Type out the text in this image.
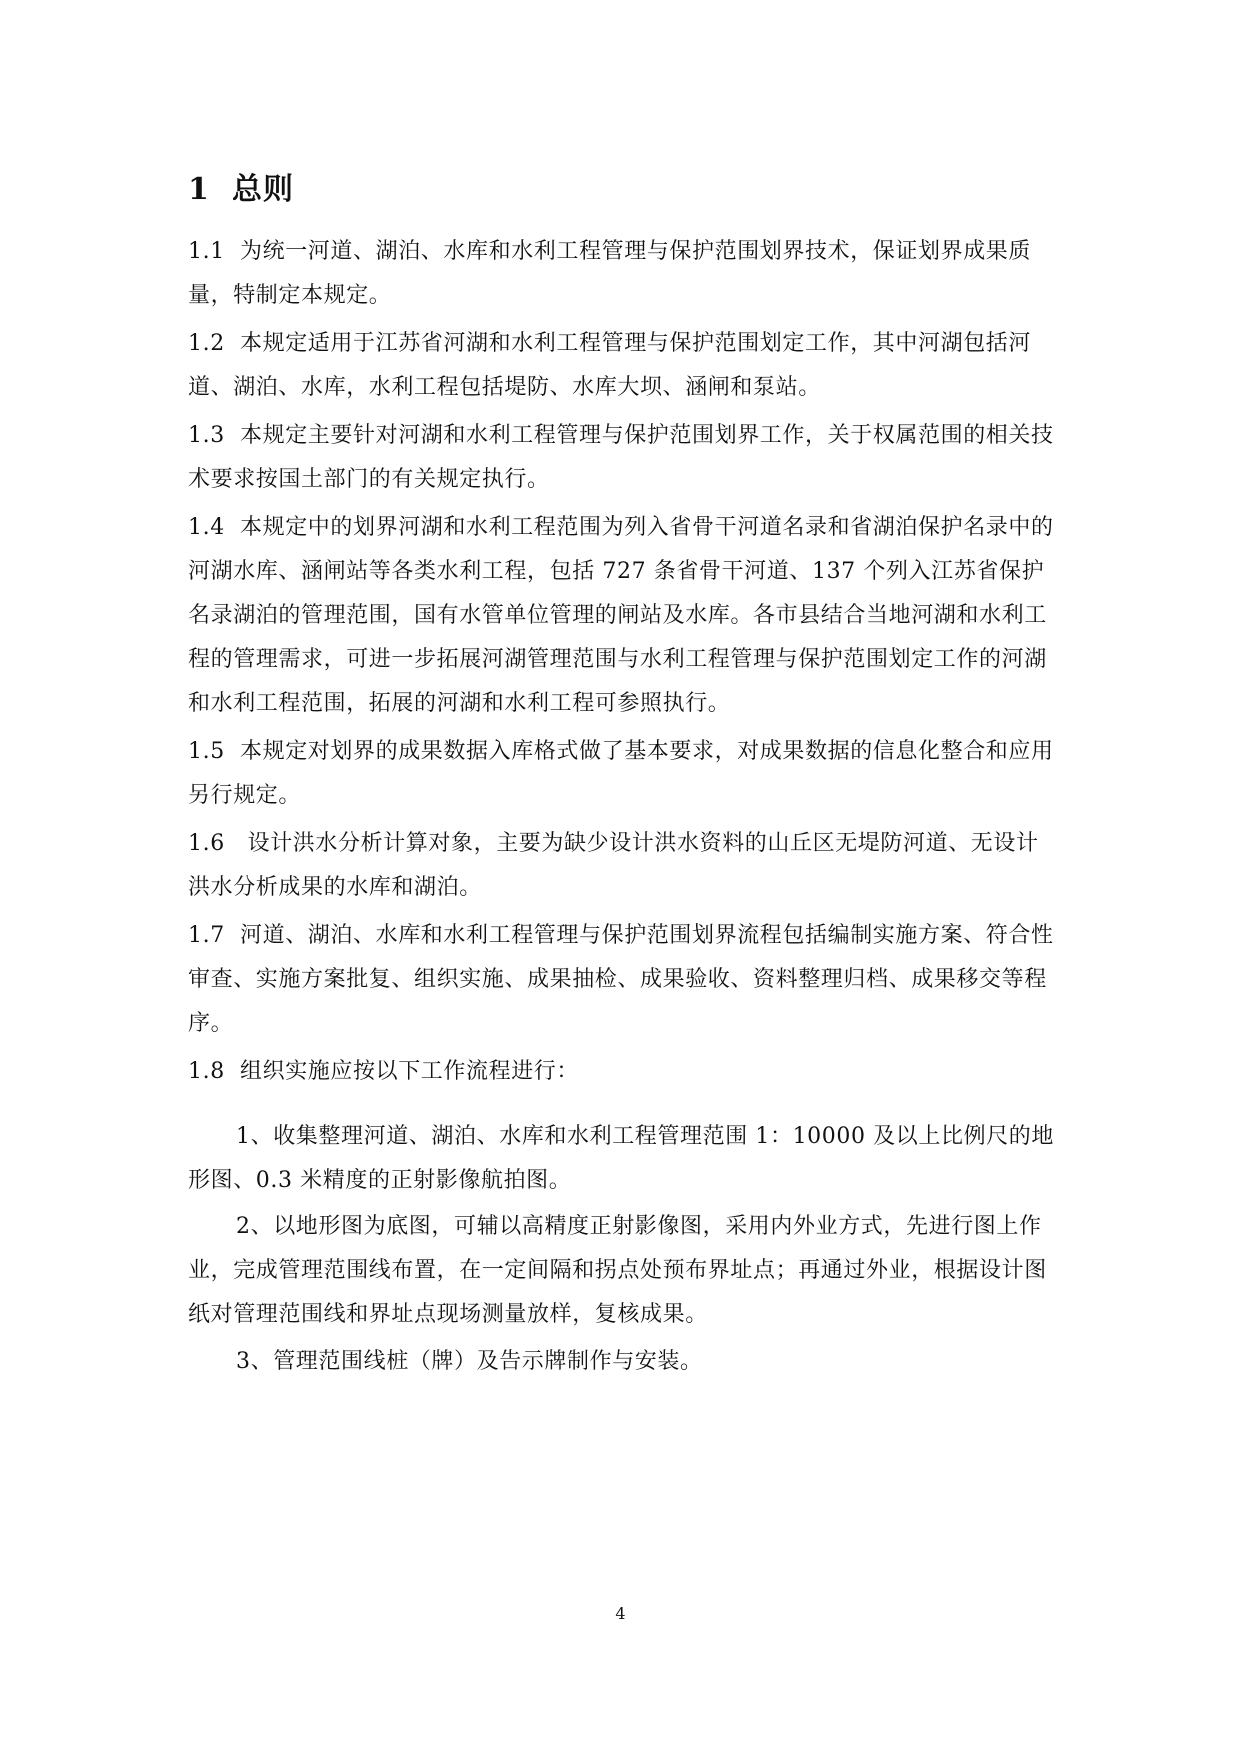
1 总则

1.1 为统一河道、湖泊、水库和水利工程管理与保护范围划界技术，保证划界成果质量，特制定本规定。

1.2 本规定适用于江苏省河湖和水利工程管理与保护范围划定工作，其中河湖包括河道、湖泊、水库，水利工程包括堤防、水库大坝、涵闸和泵站。

1.3 本规定主要针对河湖和水利工程管理与保护范围划界工作，关于权属范围的相关技术要求按国土部门的有关规定执行。

1.4 本规定中的划界河湖和水利工程范围为列入省骨干河道名录和省湖泊保护名录中的河湖水库、涵闸站等各类水利工程，包括 727 条省骨干河道、137 个列入江苏省保护名录湖泊的管理范围，国有水管单位管理的闸站及水库。各市县结合当地河湖和水利工程的管理需求，可进一步拓展河湖管理范围与水利工程管理与保护范围划定工作的河湖和水利工程范围，拓展的河湖和水利工程可参照执行。

1.5 本规定对划界的成果数据入库格式做了基本要求，对成果数据的信息化整合和应用另行规定。

1.6 设计洪水分析计算对象，主要为缺少设计洪水资料的山丘区无堤防河道、无设计洪水分析成果的水库和湖泊。

1.7 河道、湖泊、水库和水利工程管理与保护范围划界流程包括编制实施方案、符合性审查、实施方案批复、组织实施、成果抽检、成果验收、资料整理归档、成果移交等程序。

1.8 组织实施应按以下工作流程进行：

1、收集整理河道、湖泊、水库和水利工程管理范围 1：10000 及以上比例尺的地形图、0.3 米精度的正射影像航拍图。

2、以地形图为底图，可辅以高精度正射影像图，采用内外业方式，先进行图上作业，完成管理范围线布置，在一定间隔和拐点处预布界址点；再通过外业，根据设计图纸对管理范围线和界址点现场测量放样，复核成果。

3、管理范围线桩（牌）及告示牌制作与安装。

4
